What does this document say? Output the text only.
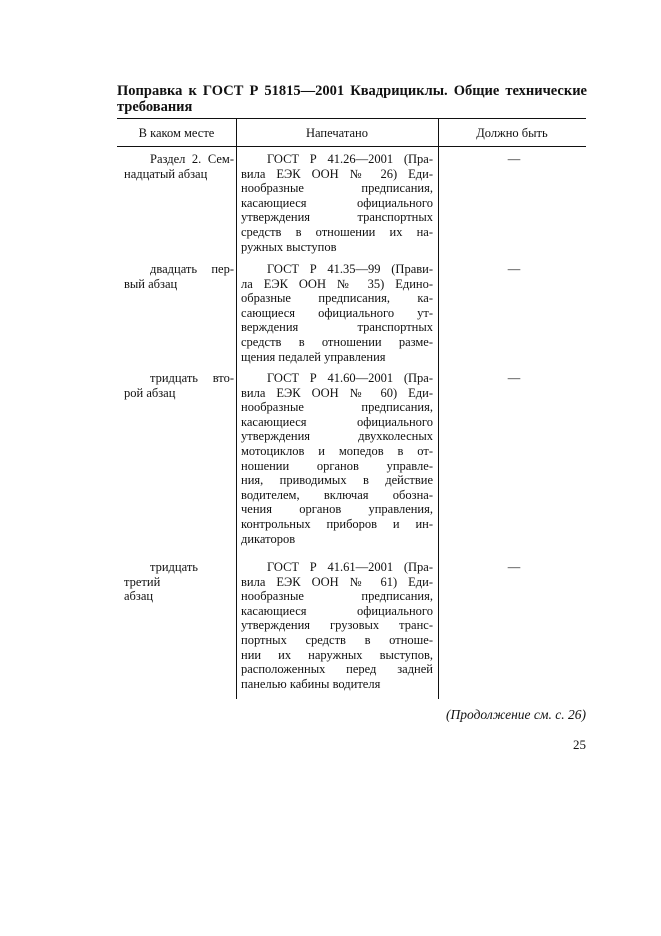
Поправка к ГОСТ Р 51815—2001 Квадрициклы. Общие технические требования
В каком месте	Напечатано	Должно быть
Раздел 2. Сем-
надцатый абзац
ГОСТ Р 41.26—2001 (Пра-
вила ЕЭК ООН № 26) Еди-
нообразные предписания,
касающиеся официального
утверждения транспортных
средств в отношении их на-
ружных выступов
—
двадцать пер-
вый абзац
ГОСТ Р 41.35—99 (Прави-
ла ЕЭК ООН № 35) Едино-
образные предписания, ка-
сающиеся официального ут-
верждения транспортных
средств в отношении разме-
щения педалей управления
—
тридцать вто-
рой абзац
ГОСТ Р 41.60—2001 (Пра-
вила ЕЭК ООН № 60) Еди-
нообразные предписания,
касающиеся официального
утверждения двухколесных
мотоциклов и мопедов в от-
ношении органов управле-
ния, приводимых в действие
водителем, включая обозна-
чения органов управления,
контрольных приборов и ин-
дикаторов
—
тридцать третий
абзац
ГОСТ Р 41.61—2001 (Пра-
вила ЕЭК ООН № 61) Еди-
нообразные предписания,
касающиеся официального
утверждения грузовых транс-
портных средств в отноше-
нии их наружных выступов,
расположенных перед задней
панелью кабины водителя
—
(Продолжение см. с. 26)
25
